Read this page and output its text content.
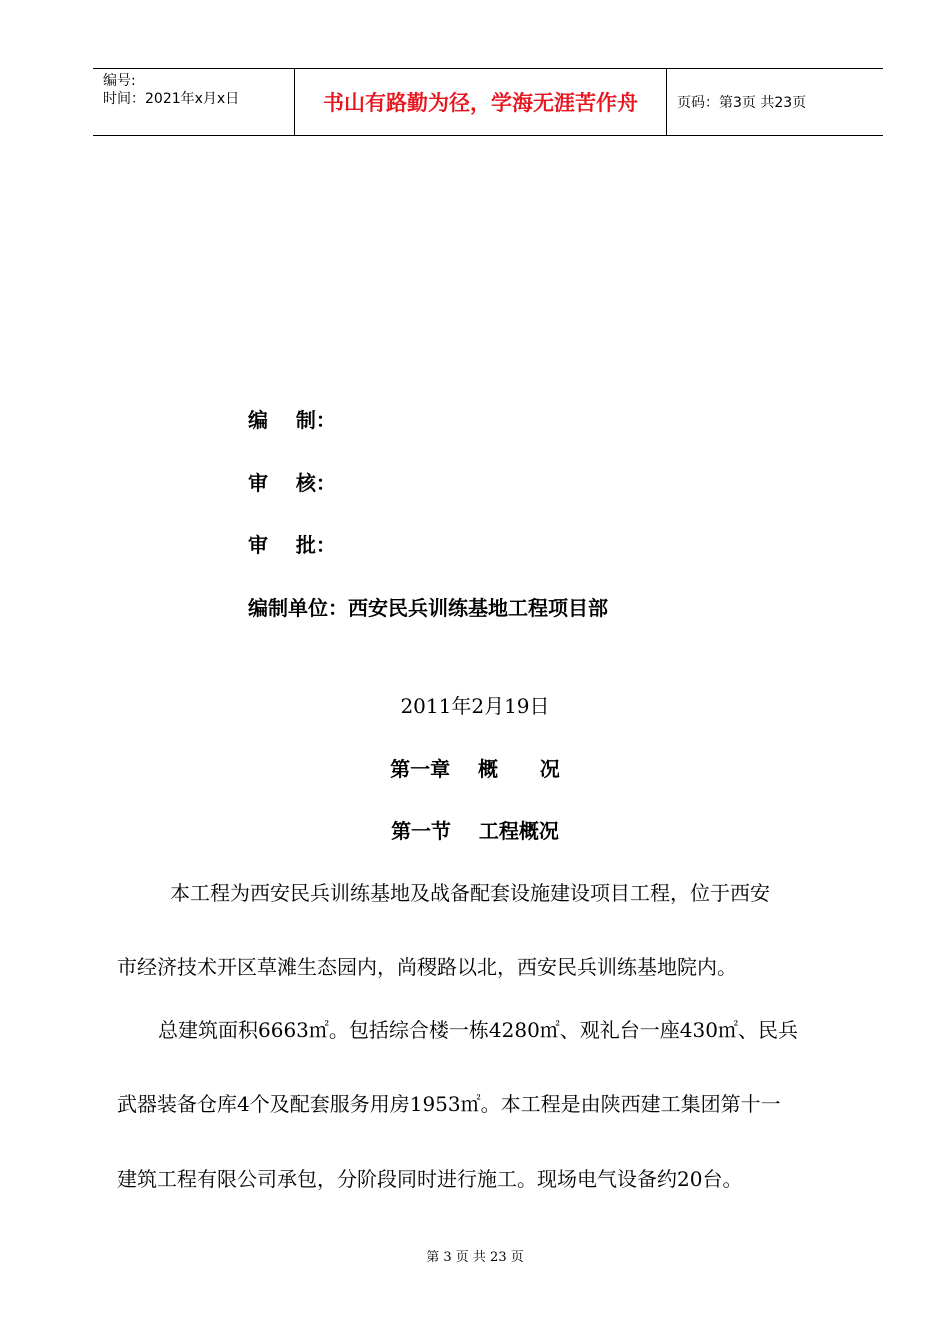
编号:
时间：2021年x月x日	书山有路勤为径，学海无涯苦作舟	页码：第3页 共23页
编    制：
审    核：
审    批：
编制单位：西安民兵训练基地工程项目部
2011年2月19日
第一章    概      况
第一节    工程概况
本工程为西安民兵训练基地及战备配套设施建设项目工程，位于西安
市经济技术开区草滩生态园内，尚稷路以北，西安民兵训练基地院内。
总建筑面积6663㎡。包括综合楼一栋4280㎡、观礼台一座430㎡、民兵
武器装备仓库4个及配套服务用房1953㎡。本工程是由陕西建工集团第十一
建筑工程有限公司承包，分阶段同时进行施工。现场电气设备约20台。
第 3 页 共 23 页
